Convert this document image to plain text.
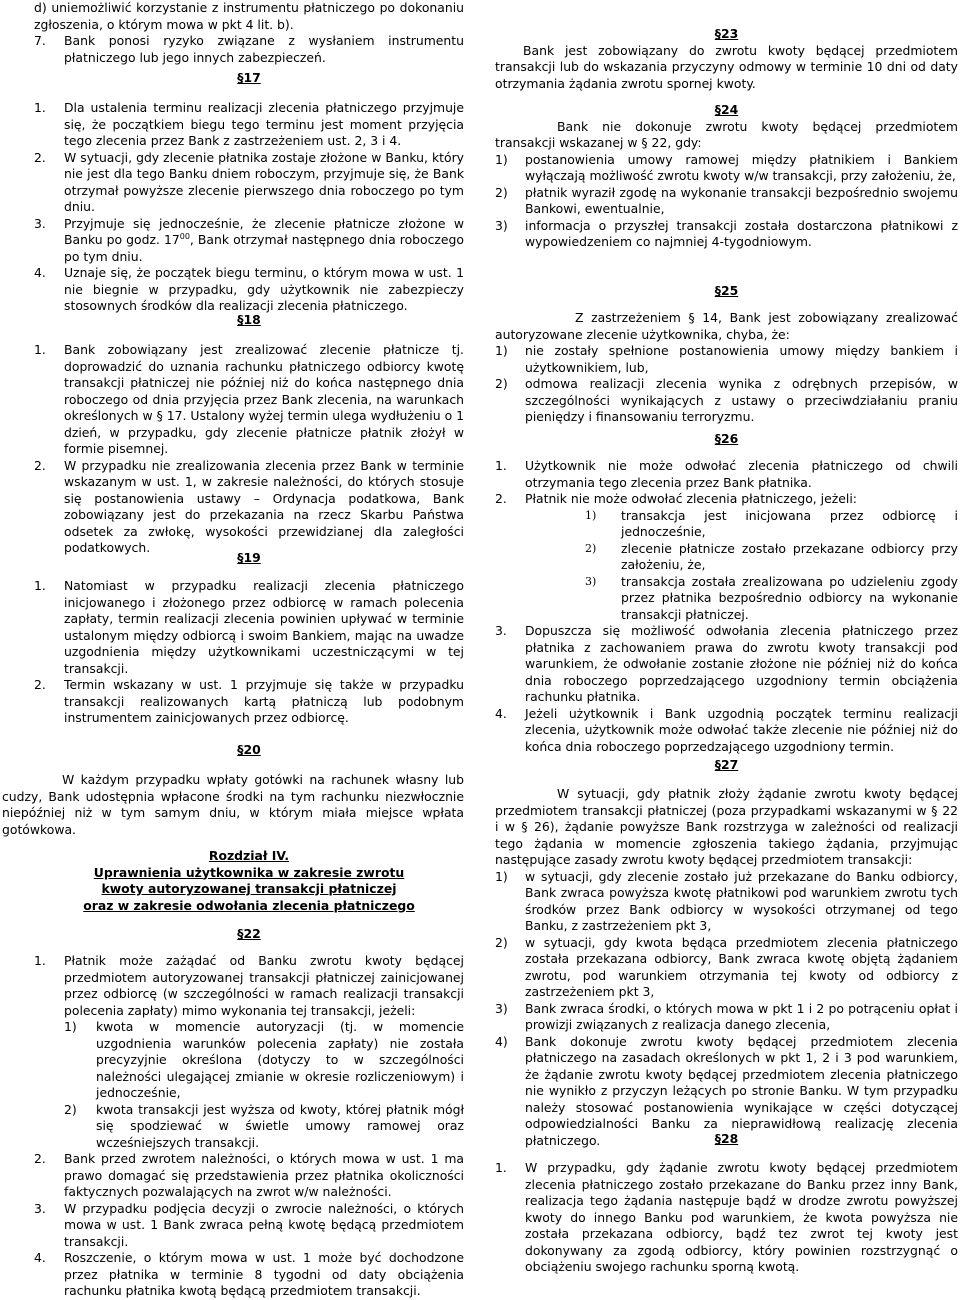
d) uniemożliwić korzystanie z instrumentu płatniczego po dokonaniu zgłoszenia, o którym mowa w pkt 4 lit. b).

7. Bank ponosi ryzyko związane z wysłaniem instrumentu płatniczego lub jego innych zabezpieczeń.

§17

1. Dla ustalenia terminu realizacji zlecenia płatniczego przyjmuje się, że początkiem biegu tego terminu jest moment przyjęcia tego zlecenia przez Bank z zastrzeżeniem ust. 2, 3 i 4.
2. W sytuacji, gdy zlecenie płatnika zostaje złożone w Banku, który nie jest dla tego Banku dniem roboczym, przyjmuje się, że Bank otrzymał powyższe zlecenie pierwszego dnia roboczego po tym dniu.
3. Przyjmuje się jednocześnie, że zlecenie płatnicze złożone w Banku po godz. $17^{00}$, Bank otrzymał następnego dnia roboczego po tym dniu.
4. Uznaje się, że początek biegu terminu, o którym mowa w ust. 1 nie biegnie w przypadku, gdy użytkownik nie zabezpieczy stosownych środków dla realizacji zlecenia płatniczego.

§18

1. Bank zobowiązany jest zrealizować zlecenie płatnicze tj. doprowadzić do uznania rachunku płatniczego odbiorcy kwotę transakcji płatniczej nie później niż do końca następnego dnia roboczego od dnia przyjęcia przez Bank zlecenia, na warunkach określonych w § 17. Ustalony wyżej termin ulega wydłużeniu o 1 dzień, w przypadku, gdy zlecenie płatnicze płatnik złożył w formie pisemnej.
2. W przypadku nie zrealizowania zlecenia przez Bank w terminie wskazanym w ust. 1, w zakresie należności, do których stosuje się postanowienia ustawy – Ordynacja podatkowa, Bank zobowiązany jest do przekazania na rzecz Skarbu Państwa odsetek za zwłokę, wysokości przewidzianej dla zaległości podatkowych.

§19

1. Natomiast w przypadku realizacji zlecenia płatniczego inicjowanego i złożonego przez odbiorcę w ramach polecenia zapłaty, termin realizacji zlecenia powinien upływać w terminie ustalonym między odbiorcą i swoim Bankiem, mając na uwadze uzgodnienia między użytkownikami uczestniczącymi w tej transakcji.
2. Termin wskazany w ust. 1 przyjmuje się także w przypadku transakcji realizowanych kartą płatniczą lub podobnym instrumentem zainicjowanych przez odbiorcę.

§20

W każdym przypadku wpłaty gotówki na rachunek własny lub cudzy, Bank udostępnia wpłacone środki na tym rachunku niezwłocznie niepóźniej niż w tym samym dniu, w którym miała miejsce wpłata gotówkowa.

Rozdział IV.

Uprawnienia użytkownika w zakresie zwrotu

kwoty autoryzowanej transakcji płatniczej

oraz w zakresie odwołania zlecenia płatniczego

§22

1. Płatnik może zażądać od Banku zwrotu kwoty będącej przedmiotem autoryzowanej transakcji płatniczej zainicjowanej przez odbiorcę (w szczególności w ramach realizacji transakcji polecenia zapłaty) mimo wykonania tej transakcji, jeżeli:
1) kwota w momencie autoryzacji (tj. w momencie uzgodnienia warunków polecenia zapłaty) nie została precyzyjnie określona (dotyczy to w szczególności należności ulegającej zmianie w okresie rozliczeniowym) i jednocześnie,
2) kwota transakcji jest wyższa od kwoty, której płatnik mógł się spodziewać w świetle umowy ramowej oraz wcześniejszych transakcji.
2. Bank przed zwrotem należności, o których mowa w ust. 1 ma prawo domagać się przedstawienia przez płatnika okoliczności faktycznych pozwalających na zwrot w/w należności.
3. W przypadku podjęcia decyzji o zwrocie należności, o których mowa w ust. 1 Bank zwraca pełną kwotę będącą przedmiotem transakcji.
4. Roszczenie, o którym mowa w ust. 1 może być dochodzone przez płatnika w terminie 8 tygodni od daty obciążenia rachunku płatnika kwotą będącą przedmiotem transakcji.

§23

Bank jest zobowiązany do zwrotu kwoty będącej przedmiotem transakcji lub do wskazania przyczyny odmowy w terminie 10 dni od daty otrzymania żądania zwrotu spornej kwoty.

§24

Bank nie dokonuje zwrotu kwoty będącej przedmiotem transakcji wskazanej w § 22, gdy:

1) postanowienia umowy ramowej między płatnikiem i Bankiem wyłączają możliwość zwrotu kwoty w/w transakcji, przy założeniu, że,
2) płatnik wyraził zgodę na wykonanie transakcji bezpośrednio swojemu Bankowi, ewentualnie,
3) informacja o przyszłej transakcji została dostarczona płatnikowi z wypowiedzeniem co najmniej 4-tygodniowym.

§25

Z zastrzeżeniem § 14, Bank jest zobowiązany zrealizować autoryzowane zlecenie użytkownika, chyba, że:

1) nie zostały spełnione postanowienia umowy między bankiem i użytkownikiem, lub,
2) odmowa realizacji zlecenia wynika z odrębnych przepisów, w szczególności wynikających z ustawy o przeciwdziałaniu praniu pieniędzy i finansowaniu terroryzmu.

§26

1. Użytkownik nie może odwołać zlecenia płatniczego od chwili otrzymania tego zlecenia przez Bank płatnika.
2. Płatnik nie może odwołać zlecenia płatniczego, jeżeli:
1) transakcja jest inicjowana przez odbiorcę i jednocześnie,
2) zlecenie płatnicze zostało przekazane odbiorcy przy założeniu, że,
3) transakcja została zrealizowana po udzieleniu zgody przez płatnika bezpośrednio odbiorcy na wykonanie transakcji płatniczej.
3. Dopuszcza się możliwość odwołania zlecenia płatniczego przez płatnika z zachowaniem prawa do zwrotu kwoty transakcji pod warunkiem, że odwołanie zostanie złożone nie później niż do końca dnia roboczego poprzedzającego uzgodniony termin obciążenia rachunku płatnika.
4. Jeżeli użytkownik i Bank uzgodnią początek terminu realizacji zlecenia, użytkownik może odwołać także zlecenie nie później niż do końca dnia roboczego poprzedzającego uzgodniony termin.

§27

W sytuacji, gdy płatnik złoży żądanie zwrotu kwoty będącej przedmiotem transakcji płatniczej (poza przypadkami wskazanymi w § 22 i w § 26), żądanie powyższe Bank rozstrzyga w zależności od realizacji tego żądania w momencie zgłoszenia takiego żądania, przyjmując następujące zasady zwrotu kwoty będącej przedmiotem transakcji:

1) w sytuacji, gdy zlecenie zostało już przekazane do Banku odbiorcy, Bank zwraca powyższa kwotę płatnikowi pod warunkiem zwrotu tych środków przez Bank odbiorcy w wysokości otrzymanej od tego Banku, z zastrzeżeniem pkt 3,
2) w sytuacji, gdy kwota będąca przedmiotem zlecenia płatniczego została przekazana odbiorcy, Bank zwraca kwotę objętą żądaniem zwrotu, pod warunkiem otrzymania tej kwoty od odbiorcy z zastrzeżeniem pkt 3,
3) Bank zwraca środki, o których mowa w pkt 1 i 2 po potrąceniu opłat i prowizji związanych z realizacja danego zlecenia,
4) Bank dokonuje zwrotu kwoty będącej przedmiotem zlecenia płatniczego na zasadach określonych w pkt 1, 2 i 3 pod warunkiem, że żądanie zwrotu kwoty będącej przedmiotem zlecenia płatniczego nie wynikło z przyczyn leżących po stronie Banku. W tym przypadku należy stosować postanowienia wynikające w części dotyczącej odpowiedzialności Banku za nieprawidłową realizację zlecenia płatniczego.	§28

1. W przypadku, gdy żądanie zwrotu kwoty będącej przedmiotem zlecenia płatniczego zostało przekazane do Banku przez inny Bank, realizacja tego żądania następuje bądź w drodze zwrotu powyższej kwoty do innego Banku pod warunkiem, że kwota powyższa nie została przekazana odbiorcy, bądź tez zwrot tej kwoty jest dokonywany za zgodą odbiorcy, który powinien rozstrzygnąć o obciążeniu swojego rachunku sporną kwotą.
